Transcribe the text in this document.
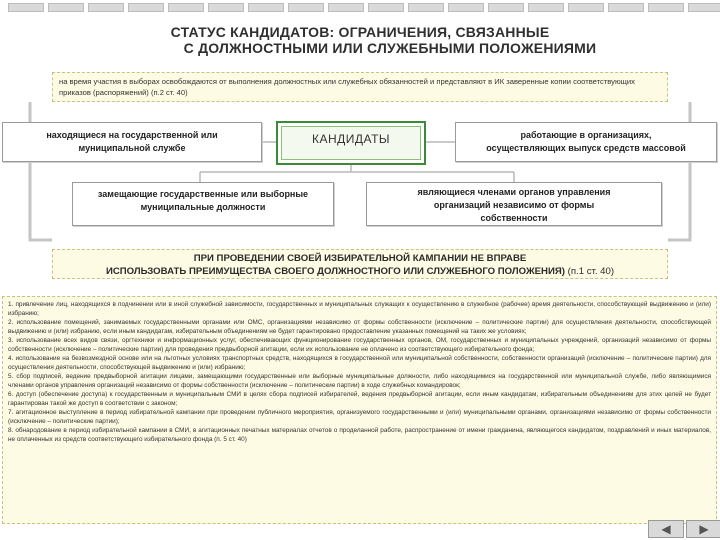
СТАТУС КАНДИДАТОВ: ОГРАНИЧЕНИЯ, СВЯЗАННЫЕ
С ДОЛЖНОСТНЫМИ ИЛИ СЛУЖЕБНЫМИ ПОЛОЖЕНИЯМИ
на время участия в выборах освобождаются от выполнения должностных или служебных обязанностей и представляют в ИК заверенные копии соответствующих приказов (распоряжений) (п.2 ст. 40)
находящиеся на государственной или
муниципальной службе
КАНДИДАТЫ	работающие в организациях,
осуществляющих выпуск средств массовой
замещающие государственные или выборные
муниципальные должности
являющиеся членами органов управления
организаций независимо от формы
собственности
ПРИ ПРОВЕДЕНИИ СВОЕЙ ИЗБИРАТЕЛЬНОЙ КАМПАНИИ НЕ ВПРАВЕ
ИСПОЛЬЗОВАТЬ ПРЕИМУЩЕСТВА СВОЕГО ДОЛЖНОСТНОГО ИЛИ СЛУЖЕБНОГО ПОЛОЖЕНИЯ) (п.1 ст. 40)

1. привлечение лиц, находящихся в подчинении или в иной служебной зависимости, государственных и муниципальных служащих к осуществлению в служебное (рабочее) время деятельности, способствующей выдвижению и (или) избранию;

2. использование помещений, занимаемых государственными органами или ОМС, организациями независимо от формы собственности (исключение – политические партии) для осуществления деятельности, способствующей выдвижению и (или) избранию, если иным кандидатам, избирательным объединениям не будет гарантировано предоставление указанных помещений на таких же условиях;

3. использование всех видов связи, оргтехники и информационных услуг, обеспечивающих функционирование государственных органов, ОМ, государственных и муниципальных учреждений, организаций независимо от формы собственности (исключение – политические партии) для проведения предвыборной агитации, если их использование не оплачено из соответствующего избирательного фонда;

4. использование на безвозмездной основе или на льготных условиях транспортных средств, находящихся в государственной или муниципальной собственности, собственности организаций (исключение – политические партии) для осуществления деятельности, способствующей выдвижению и (или) избранию;

5. сбор подписей, ведение предвыборной агитации лицами, замещающими государственные или выборные муниципальные должности, либо находящимися на государственной или муниципальной службе, либо являющимися членами органов управления организаций независимо от формы собственности (исключение – политические партии) в ходе служебных командировок;

6. доступ (обеспечение доступа) к государственным и муниципальным СМИ в целях сбора подписей избирателей, ведения предвыборной агитации, если иным кандидатам, избирательным объединениям для этих целей не будет гарантирован такой же доступ в соответствии с законом;

7. агитационное выступление в период избирательной кампании при проведении публичного мероприятия, организуемого государственными и (или) муниципальными органами, организациями независимо от формы собственности (исключение – политические партии);

8. обнародование в период избирательной кампании в СМИ, в агитационных печатных материалах отчетов о проделанной работе, распространение от имени гражданина, являющегося кандидатом, поздравлений и иных материалов, не оплаченных из средств соответствующего избирательного фонда (п. 5 ст. 40)

◀	▶
